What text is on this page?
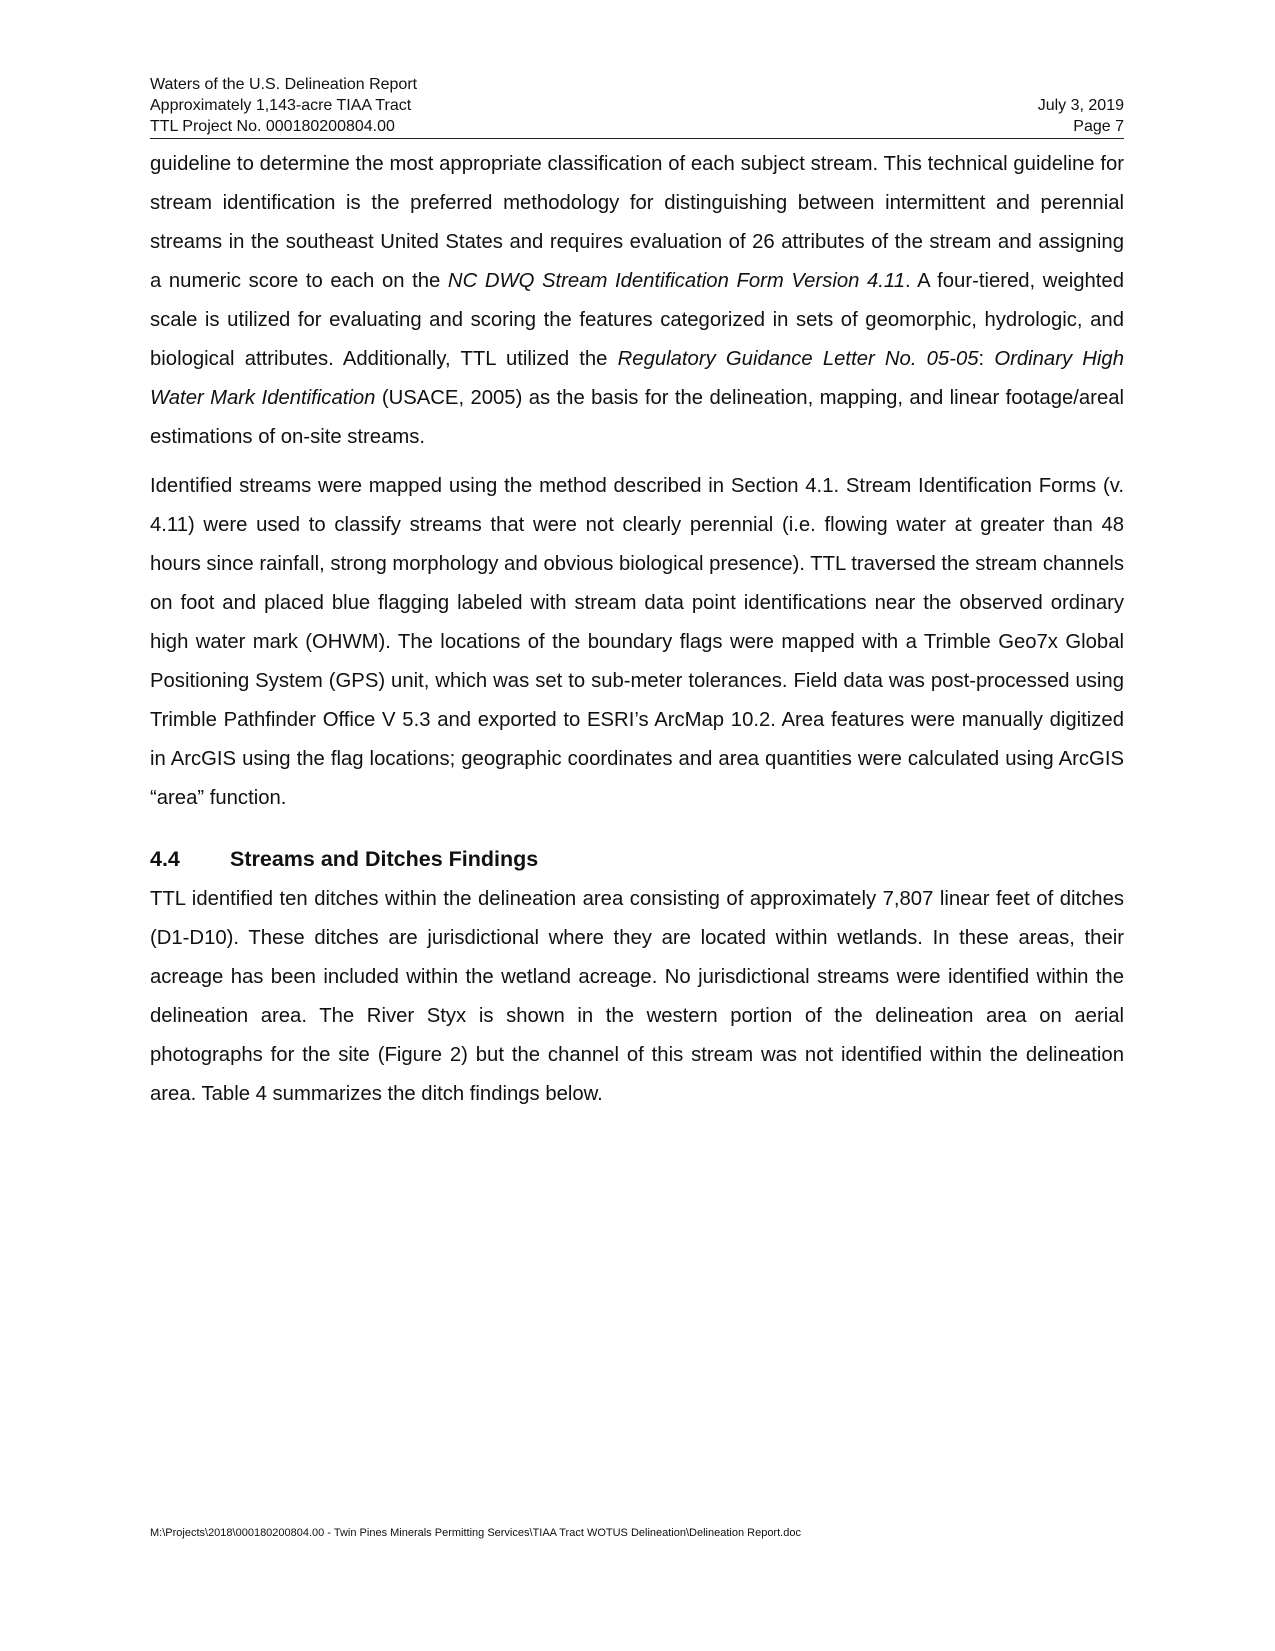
Waters of the U.S. Delineation Report
Approximately 1,143-acre TIAA Tract	July 3, 2019
TTL Project No. 000180200804.00	Page 7

guideline to determine the most appropriate classification of each subject stream. This technical guideline for stream identification is the preferred methodology for distinguishing between intermittent and perennial streams in the southeast United States and requires evaluation of 26 attributes of the stream and assigning a numeric score to each on the NC DWQ Stream Identification Form Version 4.11. A four-tiered, weighted scale is utilized for evaluating and scoring the features categorized in sets of geomorphic, hydrologic, and biological attributes. Additionally, TTL utilized the Regulatory Guidance Letter No. 05-05: Ordinary High Water Mark Identification (USACE, 2005) as the basis for the delineation, mapping, and linear footage/areal estimations of on-site streams.

Identified streams were mapped using the method described in Section 4.1. Stream Identification Forms (v. 4.11) were used to classify streams that were not clearly perennial (i.e. flowing water at greater than 48 hours since rainfall, strong morphology and obvious biological presence). TTL traversed the stream channels on foot and placed blue flagging labeled with stream data point identifications near the observed ordinary high water mark (OHWM). The locations of the boundary flags were mapped with a Trimble Geo7x Global Positioning System (GPS) unit, which was set to sub-meter tolerances. Field data was post-processed using Trimble Pathfinder Office V 5.3 and exported to ESRI’s ArcMap 10.2. Area features were manually digitized in ArcGIS using the flag locations; geographic coordinates and area quantities were calculated using ArcGIS “area” function.

4.4	Streams and Ditches Findings

TTL identified ten ditches within the delineation area consisting of approximately 7,807 linear feet of ditches (D1-D10). These ditches are jurisdictional where they are located within wetlands. In these areas, their acreage has been included within the wetland acreage. No jurisdictional streams were identified within the delineation area. The River Styx is shown in the western portion of the delineation area on aerial photographs for the site (Figure 2) but the channel of this stream was not identified within the delineation area. Table 4 summarizes the ditch findings below.

M:\Projects\2018\000180200804.00 - Twin Pines Minerals Permitting Services\TIAA Tract WOTUS Delineation\Delineation Report.doc
